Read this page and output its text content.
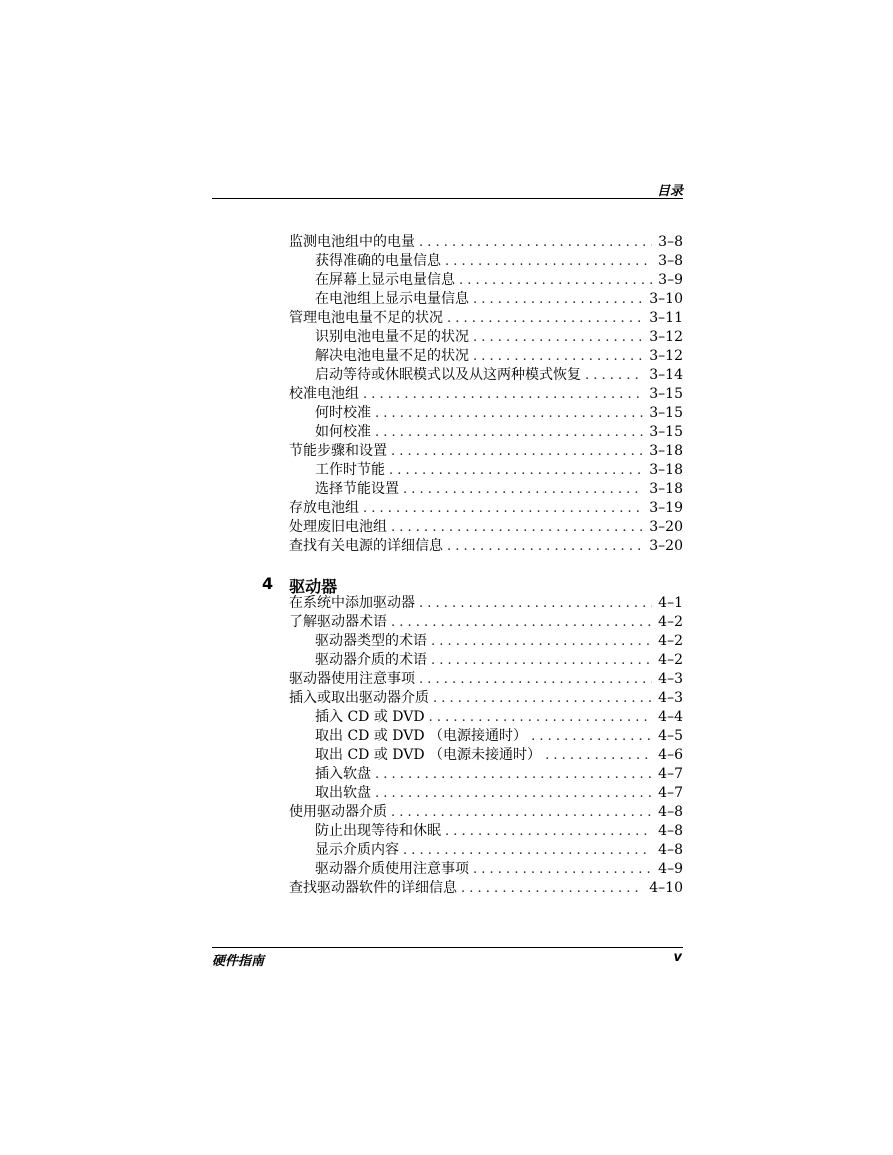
目录
监测电池组中的电量 . . .	3–8
获得准确的电量信息 . . .	3–8
在屏幕上显示电量信息 . . .	3–9
在电池组上显示电量信息 . . .	3–10
管理电池电量不足的状况 . . .	3–11
识别电池电量不足的状况 . . .	3–12
解决电池电量不足的状况 . . .	3–12
启动等待或休眠模式以及从这两种模式恢复 . . .	3–14
校准电池组 . . .	3–15
何时校准 . . .	3–15
如何校准 . . .	3–15
节能步骤和设置 . . .	3–18
工作时节能 . . .	3–18
选择节能设置 . . .	3–18
存放电池组 . . .	3–19
处理废旧电池组 . . .	3–20
查找有关电源的详细信息 . . .	3–20
4 驱动器
在系统中添加驱动器 . . .	4–1
了解驱动器术语 . . .	4–2
驱动器类型的术语 . . .	4–2
驱动器介质的术语 . . .	4–2
驱动器使用注意事项 . . .	4–3
插入或取出驱动器介质 . . .	4–3
插入 CD 或 DVD . . .	4–4
取出 CD 或 DVD （电源接通时） . . .	4–5
取出 CD 或 DVD （电源未接通时） . . .	4–6
插入软盘 . . .	4–7
取出软盘 . . .	4–7
使用驱动器介质 . . .	4–8
防止出现等待和休眠 . . .	4–8
显示介质内容 . . .	4–8
驱动器介质使用注意事项 . . .	4–9
查找驱动器软件的详细信息 . . .	4–10
硬件指南	v
